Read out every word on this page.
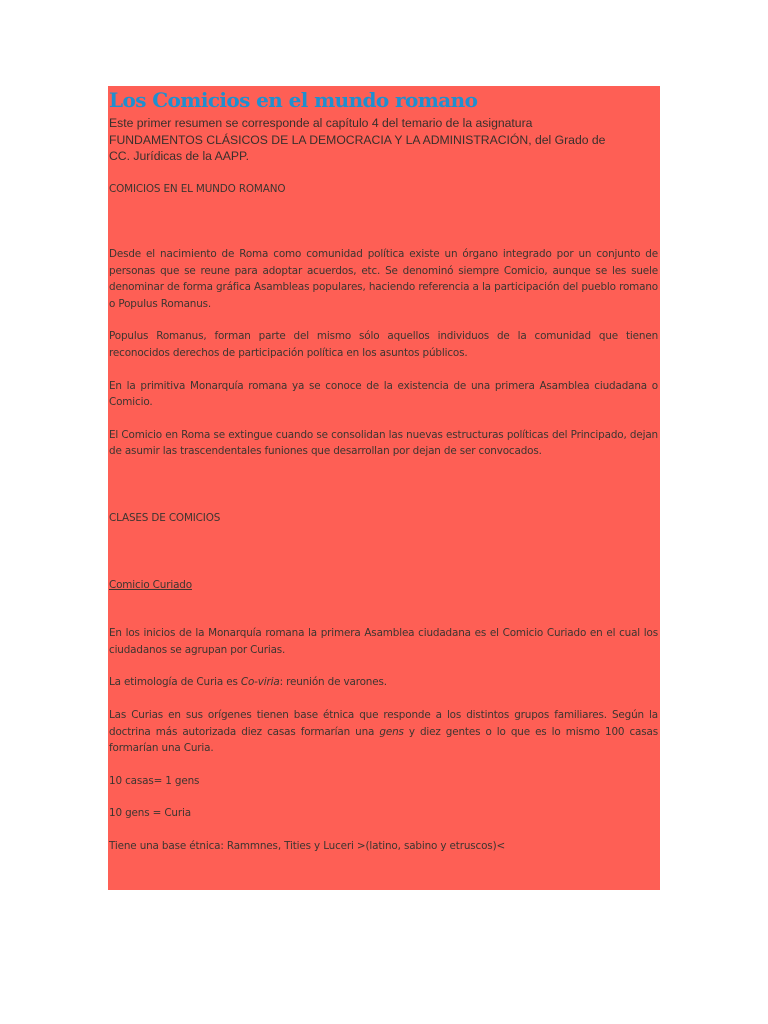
Los Comicios en el mundo romano

Este primer resumen se corresponde al capítulo 4 del temario de la asignatura

FUNDAMENTOS CLÁSICOS DE LA DEMOCRACIA Y LA ADMINISTRACIÓN, del Grado de

CC. Jurídicas de la AAPP.

COMICIOS EN EL MUNDO ROMANO

Desde el nacimiento de Roma como comunidad política existe un órgano integrado por un conjunto de personas que se reune para adoptar acuerdos, etc. Se denominó siempre Comicio, aunque se les suele denominar de forma gráfica Asambleas populares, haciendo referencia a la participación del pueblo romano o Populus Romanus.

Populus Romanus, forman parte del mismo sólo aquellos individuos de la comunidad que tienen reconocidos derechos de participación política en los asuntos públicos.

En la primitiva Monarquía romana ya se conoce de la existencia de una primera Asamblea ciudadana o Comicio.

El Comicio en Roma se extingue cuando se consolidan las nuevas estructuras políticas del Principado, dejan de asumir las trascendentales funiones que desarrollan por dejan de ser convocados.

CLASES DE COMICIOS

Comicio Curiado

En los inicios de la Monarquía romana la primera Asamblea ciudadana es el Comicio Curiado en el cual los ciudadanos se agrupan por Curias.

La etimología de Curia es Co-viria: reunión de varones.

Las Curias en sus orígenes tienen base étnica que responde a los distintos grupos familiares. Según la doctrina más autorizada diez casas formarían una gens y diez gentes o lo que es lo mismo 100 casas formarían una Curia.

10 casas= 1 gens

10 gens = Curia

Tiene una base étnica: Rammnes, Tities y Luceri >(latino, sabino y etruscos)<
